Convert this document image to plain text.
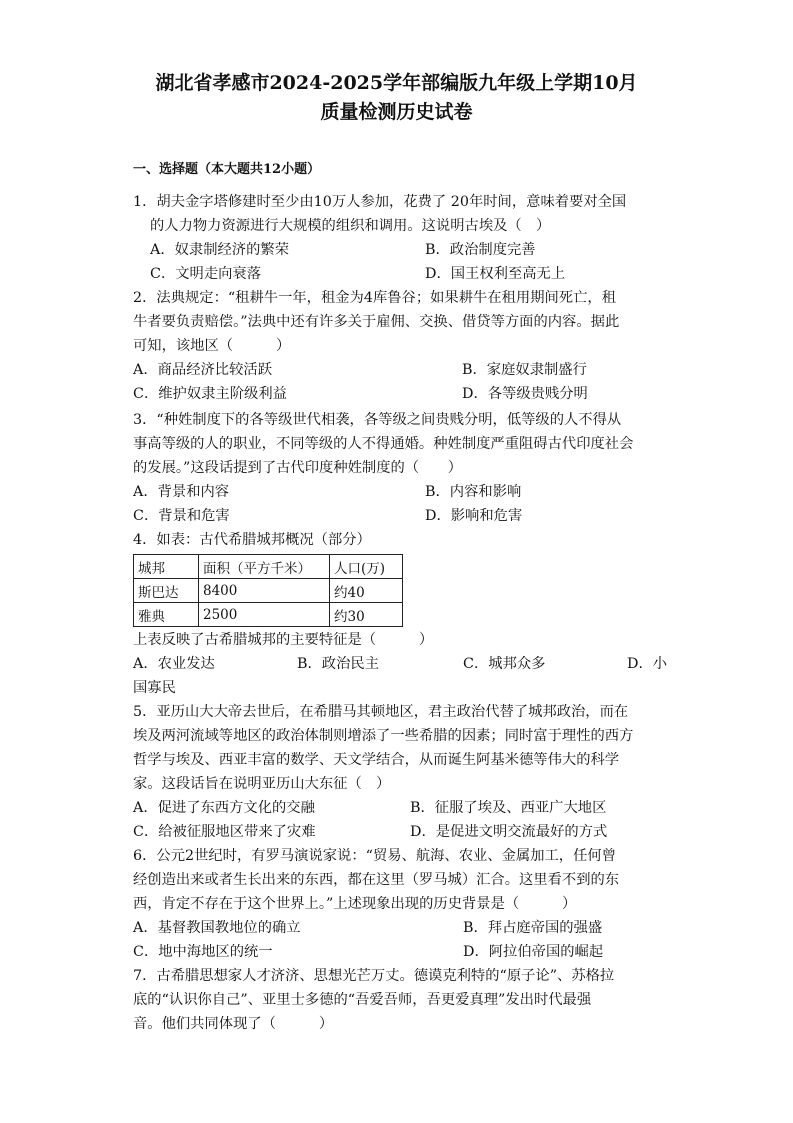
湖北省孝感市2024-2025学年部编版九年级上学期10月
质量检测历史试卷
一、选择题（本大题共12小题）
1．胡夫金字塔修建时至少由10万人参加，花费了 20年时间，意味着要对全国
的人力物力资源进行大规模的组织和调用。这说明古埃及（　）
A．奴隶制经济的繁荣	B．政治制度完善
C．文明走向衰落	D．国王权利至高无上
2．法典规定：“租耕牛一年，租金为4库鲁谷；如果耕牛在租用期间死亡，租
牛者要负责赔偿。”法典中还有许多关于雇佣、交换、借贷等方面的内容。据此
可知，该地区（　　　）
A．商品经济比较活跃	B．家庭奴隶制盛行
C．维护奴隶主阶级利益	D．各等级贵贱分明
3．“种姓制度下的各等级世代相袭，各等级之间贵贱分明，低等级的人不得从
事高等级的人的职业，不同等级的人不得通婚。种姓制度严重阻碍古代印度社会
的发展。”这段话提到了古代印度种姓制度的（　　）
A．背景和内容	B．内容和影响
C．背景和危害	D．影响和危害
4．如表：古代希腊城邦概况（部分）
城邦	面积（平方千米）	人口(万)
斯巴达	8400	约40
雅典	2500	约30
上表反映了古希腊城邦的主要特征是（　　　）
A．农业发达	B．政治民主	C．城邦众多	D．小
国寡民
5．亚历山大大帝去世后，在希腊马其顿地区，君主政治代替了城邦政治，而在
埃及两河流域等地区的政治体制则增添了一些希腊的因素；同时富于理性的西方
哲学与埃及、西亚丰富的数学、天文学结合，从而诞生阿基米德等伟大的科学
家。这段话旨在说明亚历山大东征（　）
A．促进了东西方文化的交融	B．征服了埃及、西亚广大地区
C．给被征服地区带来了灾难	D．是促进文明交流最好的方式
6．公元2世纪时，有罗马演说家说：“贸易、航海、农业、金属加工，任何曾
经创造出来或者生长出来的东西，都在这里（罗马城）汇合。这里看不到的东
西，肯定不存在于这个世界上。”上述现象出现的历史背景是（　　　）
A．基督教国教地位的确立	B．拜占庭帝国的强盛
C．地中海地区的统一	D．阿拉伯帝国的崛起
7．古希腊思想家人才济济、思想光芒万丈。德谟克利特的“原子论”、苏格拉
底的“认识你自己”、亚里士多德的“吾爱吾师，吾更爱真理”发出时代最强
音。他们共同体现了（　　　）
